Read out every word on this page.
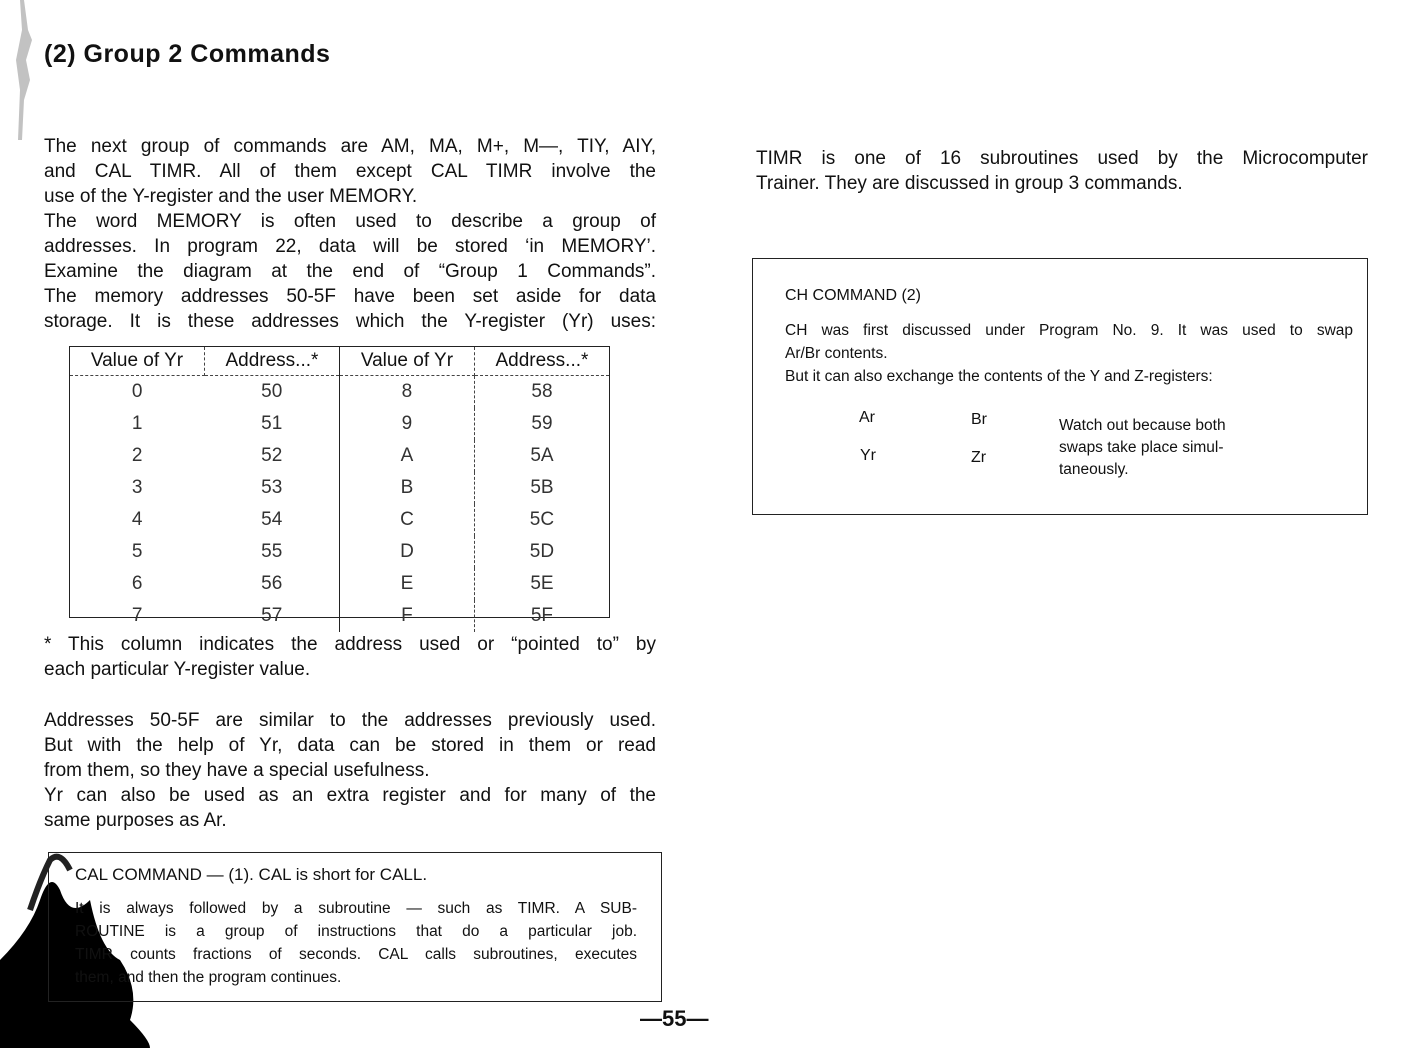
(2) Group 2 Commands
The next group of commands are AM, MA, M+, M—, TIY, AIY,
and CAL TIMR. All of them except CAL TIMR involve the
use of the Y-register and the user MEMORY.
The word MEMORY is often used to describe a group of
addresses. In program 22, data will be stored ‘in MEMORY’.
Examine the diagram at the end of “Group 1 Commands”.
The memory addresses 50-5F have been set aside for data
storage. It is these addresses which the Y-register (Yr) uses:
Value of Yr	Address...*	Value of Yr	Address...*
0	50	8	58
1	51	9	59
2	52	A	5A
3	53	B	5B
4	54	C	5C
5	55	D	5D
6	56	E	5E
7	57	F	5F
* This column indicates the address used or “pointed to” by
each particular Y-register value.
Addresses 50-5F are similar to the addresses previously used.
But with the help of Yr, data can be stored in them or read
from them, so they have a special usefulness.
Yr can also be used as an extra register and for many of the
same purposes as Ar.
CAL COMMAND — (1). CAL is short for CALL.
It is always followed by a subroutine — such as TIMR. A SUB-
ROUTINE is a group of instructions that do a particular job.
TIMR counts fractions of seconds. CAL calls subroutines, executes
them, and then the program continues.
TIMR is one of 16 subroutines used by the Microcomputer
Trainer. They are discussed in group 3 commands.
CH COMMAND (2)
CH was first discussed under Program No. 9. It was used to swap
Ar/Br contents.
But it can also exchange the contents of the Y and Z-registers:
Ar	Br
Yr	Zr
Watch out because both
swaps take place simul-
taneously.
—55—
